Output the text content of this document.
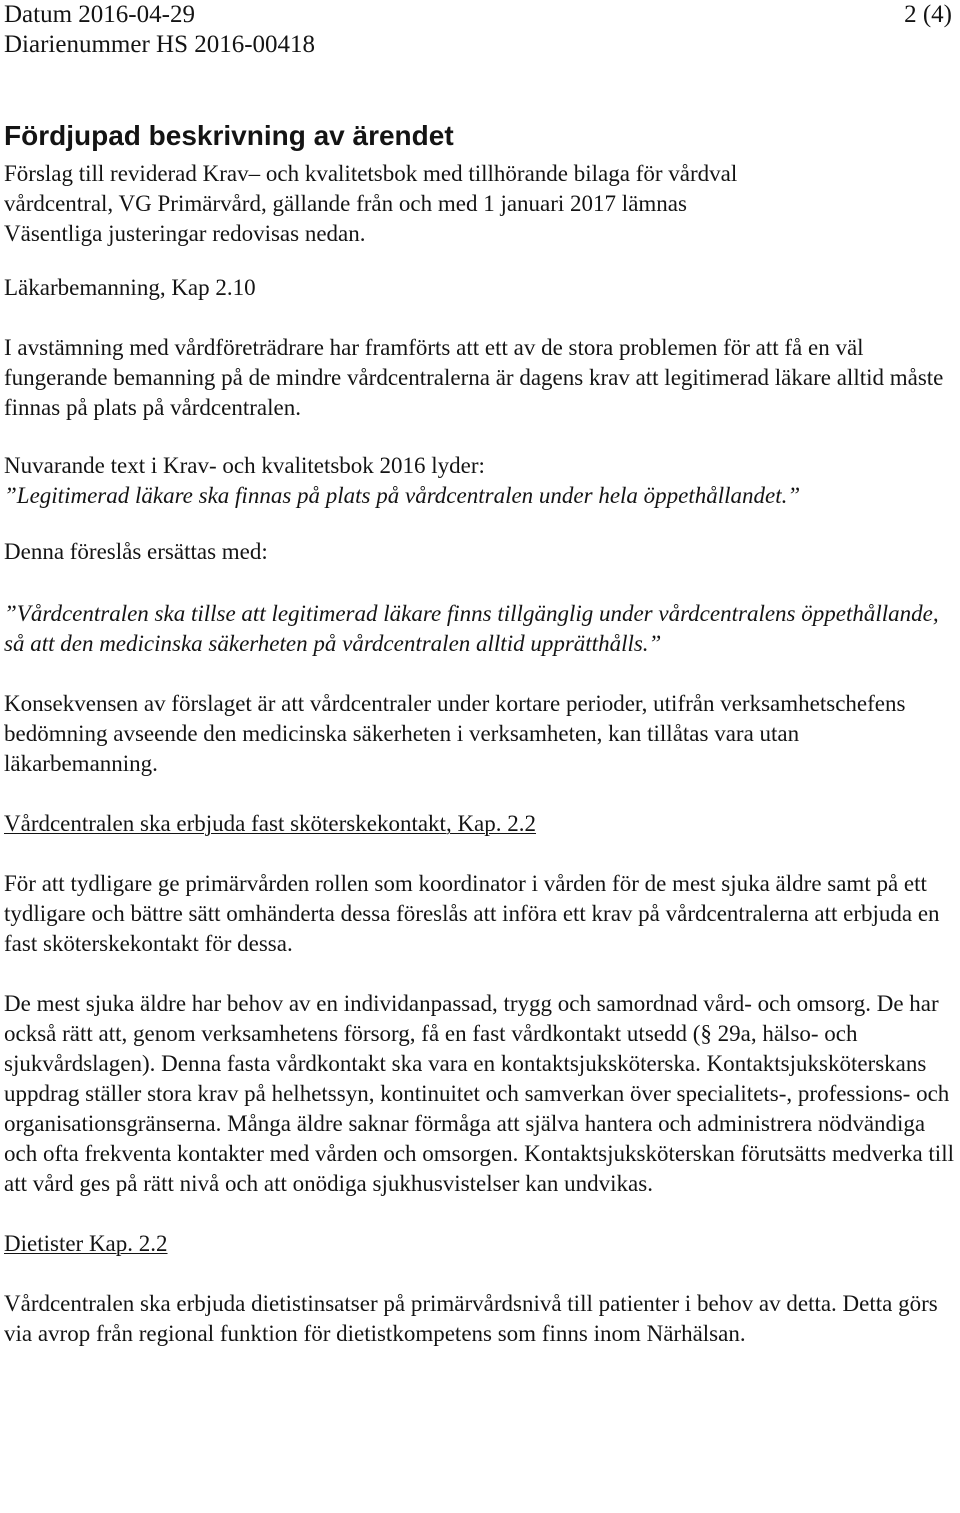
Datum 2016-04-29
Diarienummer HS 2016-00418
2 (4)
Fördjupad beskrivning av ärendet
Förslag till reviderad Krav– och kvalitetsbok med tillhörande bilaga för vårdval
vårdcentral, VG Primärvård, gällande från och med 1 januari 2017 lämnas
Väsentliga justeringar redovisas nedan.

Läkarbemanning, Kap 2.10

I avstämning med vårdföreträdrare har framförts att ett av de stora problemen för att få en väl fungerande bemanning på de mindre vårdcentralerna är dagens krav att legitimerad läkare alltid måste finnas på plats på vårdcentralen.

Nuvarande text i Krav- och kvalitetsbok 2016 lyder:

”Legitimerad läkare ska finnas på plats på vårdcentralen under hela öppethållandet.”

Denna föreslås ersättas med:

”Vårdcentralen ska tillse att legitimerad läkare finns tillgänglig under vårdcentralens öppethållande, så att den medicinska säkerheten på vårdcentralen alltid upprätthålls.”

Konsekvensen av förslaget är att vårdcentraler under kortare perioder, utifrån verksamhetschefens bedömning avseende den medicinska säkerheten i verksamheten, kan tillåtas vara utan läkarbemanning.

Vårdcentralen ska erbjuda fast sköterskekontakt, Kap. 2.2

För att tydligare ge primärvården rollen som koordinator i vården för de mest sjuka äldre samt på ett tydligare och bättre sätt omhänderta dessa föreslås att införa ett krav på vårdcentralerna att erbjuda en fast sköterskekontakt för dessa.

De mest sjuka äldre har behov av en individanpassad, trygg och samordnad vård- och omsorg. De har också rätt att, genom verksamhetens försorg, få en fast vårdkontakt utsedd (§ 29a, hälso- och sjukvårdslagen). Denna fasta vårdkontakt ska vara en kontaktsjuksköterska. Kontaktsjuksköterskans uppdrag ställer stora krav på helhetssyn, kontinuitet och samverkan över specialitets-, professions- och organisationsgränserna. Många äldre saknar förmåga att själva hantera och administrera nödvändiga och ofta frekventa kontakter med vården och omsorgen. Kontaktsjuksköterskan förutsätts medverka till att vård ges på rätt nivå och att onödiga sjukhusvistelser kan undvikas.

Dietister Kap. 2.2

Vårdcentralen ska erbjuda dietistinsatser på primärvårdsnivå till patienter i behov av detta. Detta görs via avrop från regional funktion för dietistkompetens som finns inom Närhälsan.
